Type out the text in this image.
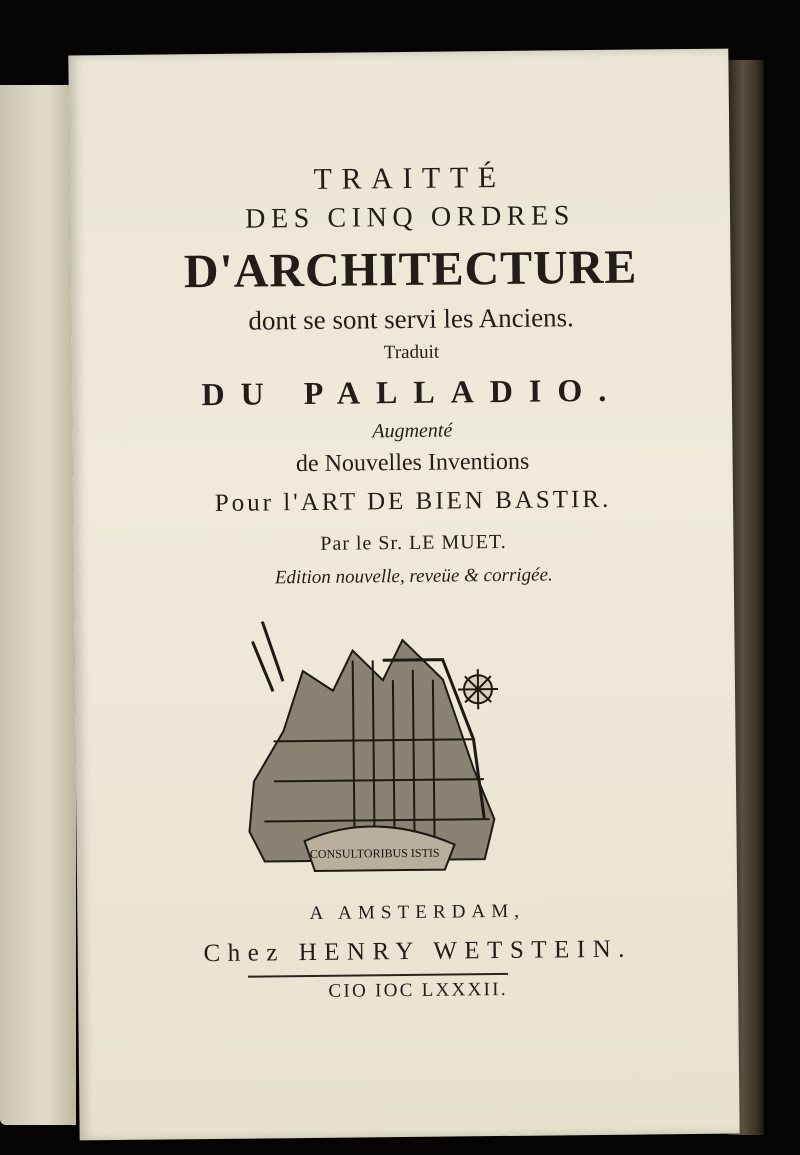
TRAITTÉ
DES CINQ ORDRES
D'ARCHITECTURE
dont se sont servi les Anciens.
Traduit
DU PALLADIO.
Augmenté
de Nouvelles Inventions
Pour l'ART DE BIEN BASTIR.
Par le Sr. LE MUET.
Edition nouvelle, reveüe & corrigée.
CONSULTORIBUS ISTIS
A AMSTERDAM,
Chez HENRY WETSTEIN.
CIO IOC LXXXII.
